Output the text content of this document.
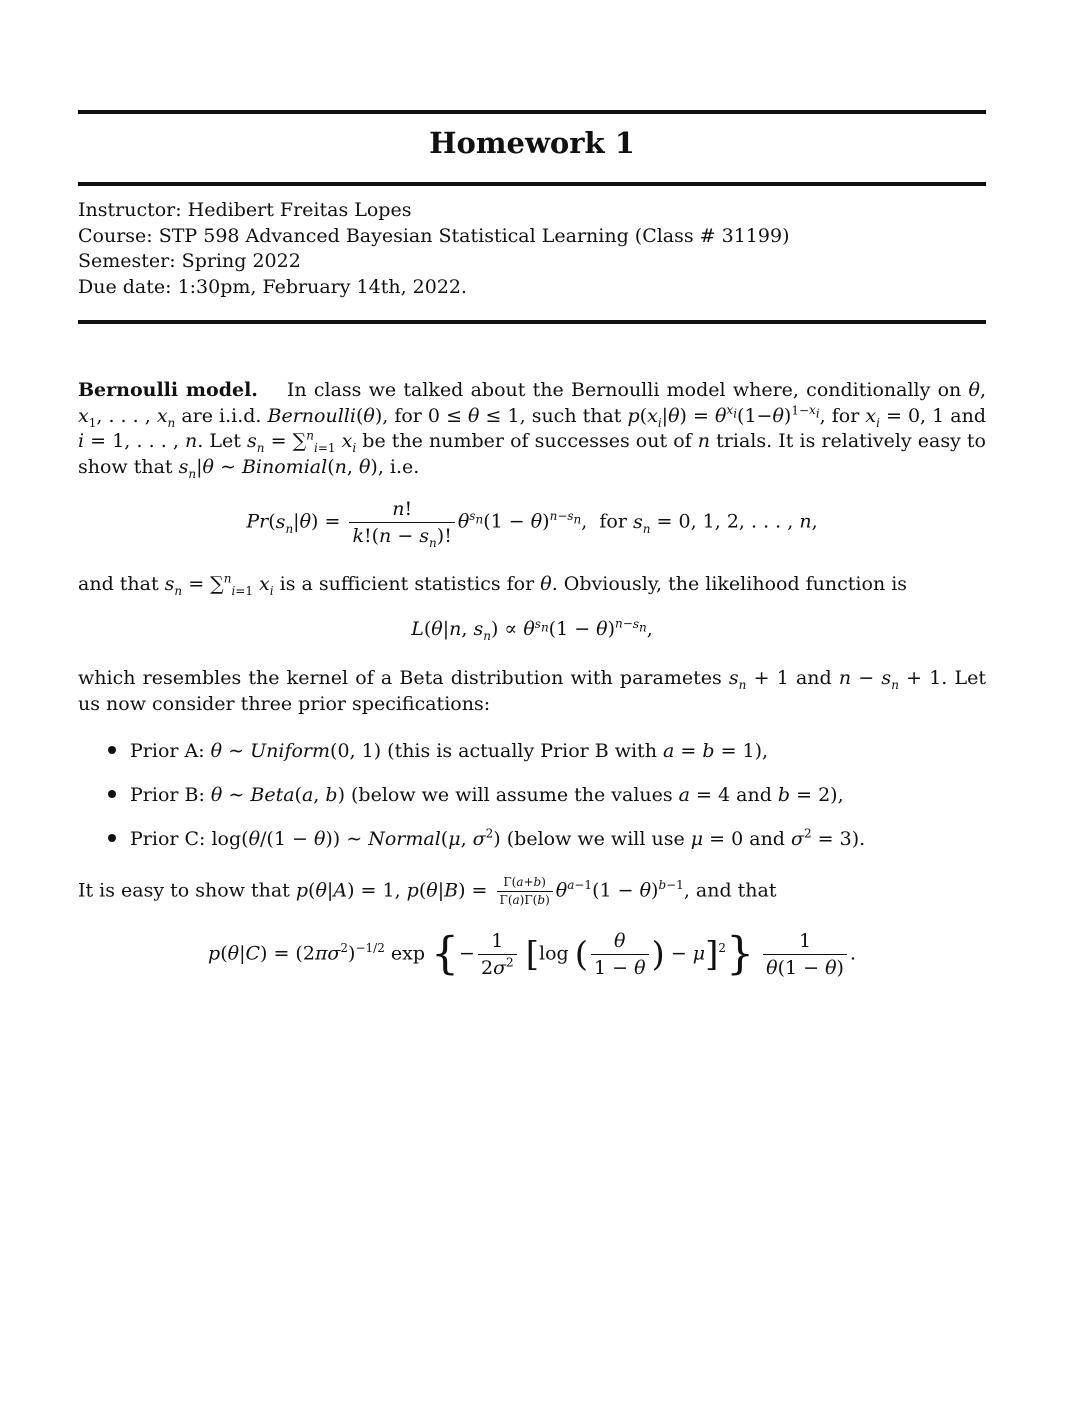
Homework 1
Instructor: Hedibert Freitas Lopes
Course: STP 598 Advanced Bayesian Statistical Learning (Class # 31199)
Semester: Spring 2022
Due date: 1:30pm, February 14th, 2022.
Bernoulli model.    In class we talked about the Bernoulli model where, conditionally on θ, $x_1$, . . . , $x_n$ are i.i.d. Bernoulli(θ), for 0 ≤ θ ≤ 1, such that $p(x_i|\theta) = \theta^{x_i}(1-\theta)^{1-x_i}$, for $x_i = 0$, 1 and i = 1, . . . , n. Let $s_n = \sum^n_{i=1}$ $x_i$ be the number of successes out of n trials. It is relatively easy to show that $s_n|\theta$ ∼ Binomial(n, θ), i.e.
$Pr(s_n|\theta) = \frac{n!}{k!(n - s_n)!} \theta^{s_n}(1 - \theta)^{n-s_n}$,  for $s_n = 0$, 1, 2, . . . , n,
and that $s_n = \sum^n_{i=1}$ $x_i$ is a sufficient statistics for θ. Obviously, the likelihood function is
L(θ|n, $s_n) \propto \theta^{s_n}(1 - \theta)^{n-s_n}$,
which resembles the kernel of a Beta distribution with parametes $s_n + 1$ and $n - s_n + 1$. Let us now consider three prior specifications:
Prior A: θ ∼ Uniform(0, 1) (this is actually Prior B with a = b = 1),
Prior B: θ ∼ Beta(a, b) (below we will assume the values a = 4 and b = 2),
Prior C: log(θ/(1 − θ)) ∼ Normal(μ, $\sigma^2$) (below we will use μ = 0 and $\sigma^2 = 3$).
It is easy to show that p(θ|A) = 1, $p(\theta|B) = \frac{\Gamma(a+b)}{\Gamma(a)\Gamma(b)} \theta^{a-1}(1 - \theta)^{b-1}$, and that
$p(\theta|C) = (2\pi\sigma^2)^{-1/2}$ exp {− $\frac{1}{2\sigma^2} [\log$ ( $\frac{\theta}{1 - \theta}$ ) − $\mu]^2\} \frac{1}{\theta(1 - \theta)}$ .
